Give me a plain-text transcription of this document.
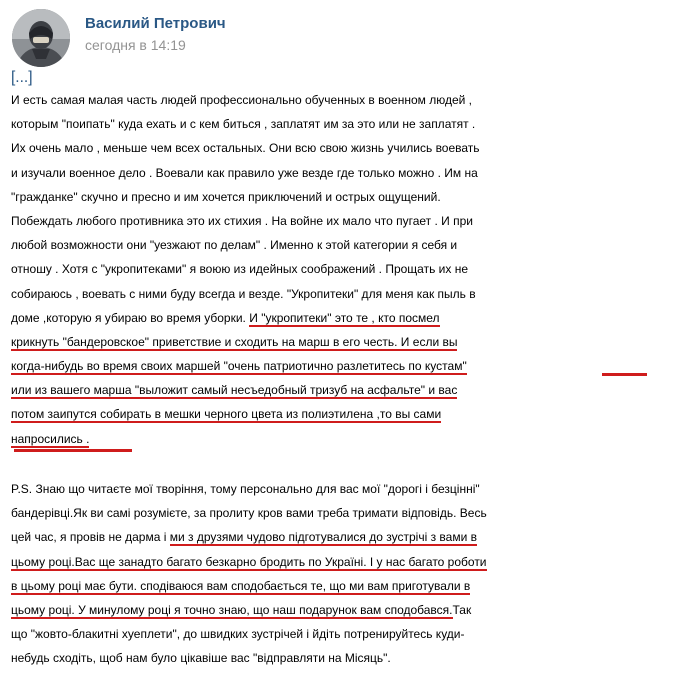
Василий Петрович
сегодня в 14:19
[...]
И есть самая малая часть людей профессионально обученных в военном людей ,
которым "поипать" куда ехать и с кем биться , заплатят им за это или не заплатят .
Их очень мало , меньше чем всех остальных. Они всю свою жизнь учились воевать
и изучали военное дело . Воевали как правило уже везде где только можно . Им на
"гражданке" скучно и пресно и им хочется приключений и острых ощущений.
Побеждать любого противника это их стихия . На войне их мало что пугает . И при
любой возможности они "уезжают по делам" . Именно к этой категории я себя и
отношу . Хотя с "укропитеками" я воюю из идейных соображений . Прощать их не
собираюсь , воевать с ними буду всегда и везде. "Укропитеки" для меня как пыль в
доме ,которую я убираю во время уборки. И "укропитеки" это те , кто посмел
крикнуть "бандеровское" приветствие и сходить на марш в его честь. И если вы
когда-нибудь во время своих маршей "очень патриотично разлетитесь по кустам"
или из вашего марша "выложит самый несъедобный тризуб на асфальте" и вас
потом заипутся собирать в мешки черного цвета из полиэтилена ,то вы сами
напросились .
P.S. Знаю що читаєте мої творіння, тому персонально для вас мої "дорогі і безцінні"
бандерівці.Як ви самі розумієте, за пролиту кров вами треба тримати відповідь. Весь
цей час, я провів не дарма і ми з друзями чудово підготувалися до зустрічі з вами в
цьому році.Вас ще занадто багато безкарно бродить по Україні. І у нас багато роботи
в цьому році має бути. сподіваюся вам сподобається те, що ми вам приготували в
цьому році. У минулому році я точно знаю, що наш подарунок вам сподобався.Так
що "жовто-блакитні хуеплети", до швидких зустрічей і йдіть потренируйтесь куди-
небудь сходіть, щоб нам було цікавіше вас "відправляти на Місяць".
